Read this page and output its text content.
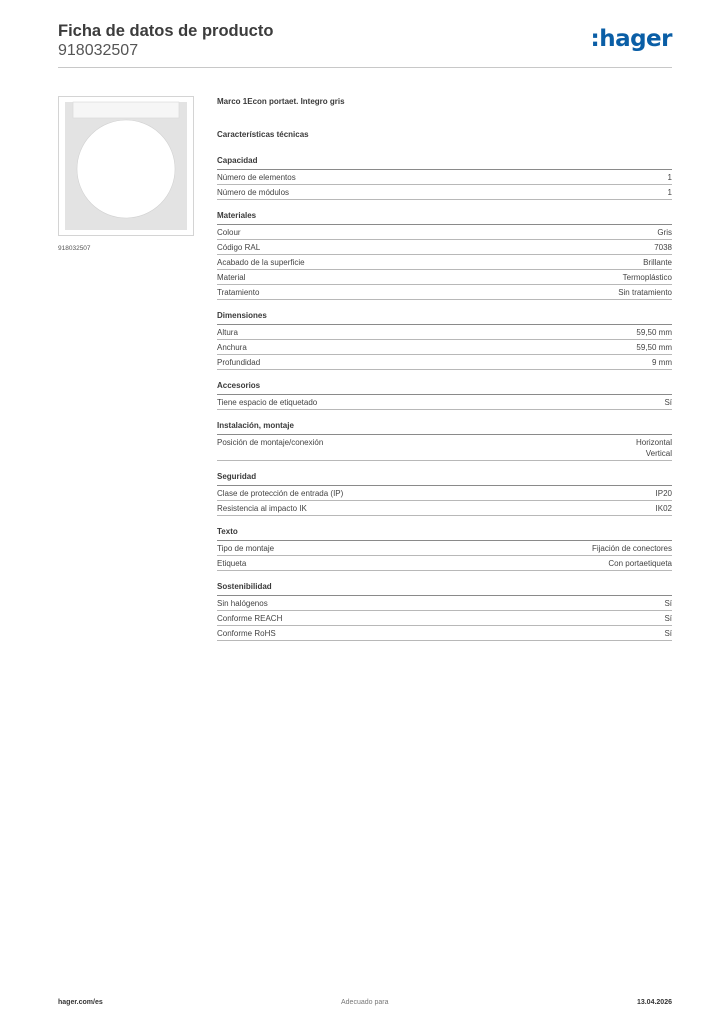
Ficha de datos de producto
918032507	:hager
918032507
Marco 1Econ portaet. Integro gris
Características técnicas
Capacidad
Número de elementos	1
Número de módulos	1
Materiales
Colour	Gris
Código RAL	7038
Acabado de la superficie	Brillante
Material	Termoplástico
Tratamiento	Sin tratamiento
Dimensiones
Altura	59,50 mm
Anchura	59,50 mm
Profundidad	9 mm
Accesorios
Tiene espacio de etiquetado	Sí
Instalación, montaje
Posición de montaje/conexión	Horizontal
Vertical
Seguridad
Clase de protección de entrada (IP)	IP20
Resistencia al impacto IK	IK02
Texto
Tipo de montaje	Fijación de conectores
Etiqueta	Con portaetiqueta
Sostenibilidad
Sin halógenos	Sí
Conforme REACH	Sí
Conforme RoHS	Sí
hager.com/es	Adecuado para	13.04.2026
